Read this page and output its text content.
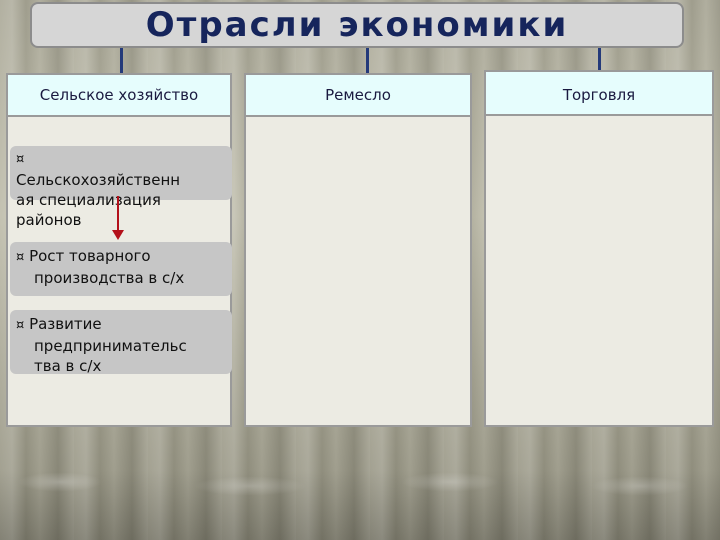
Отрасли экономики
Сельское хозяйство	Ремесло	Торговля
¤
Сельскохозяйственн
ая специализация
районов
¤ Рост товарного
производства в с/х
¤ Развитие
предпринимательс
тва в с/х
